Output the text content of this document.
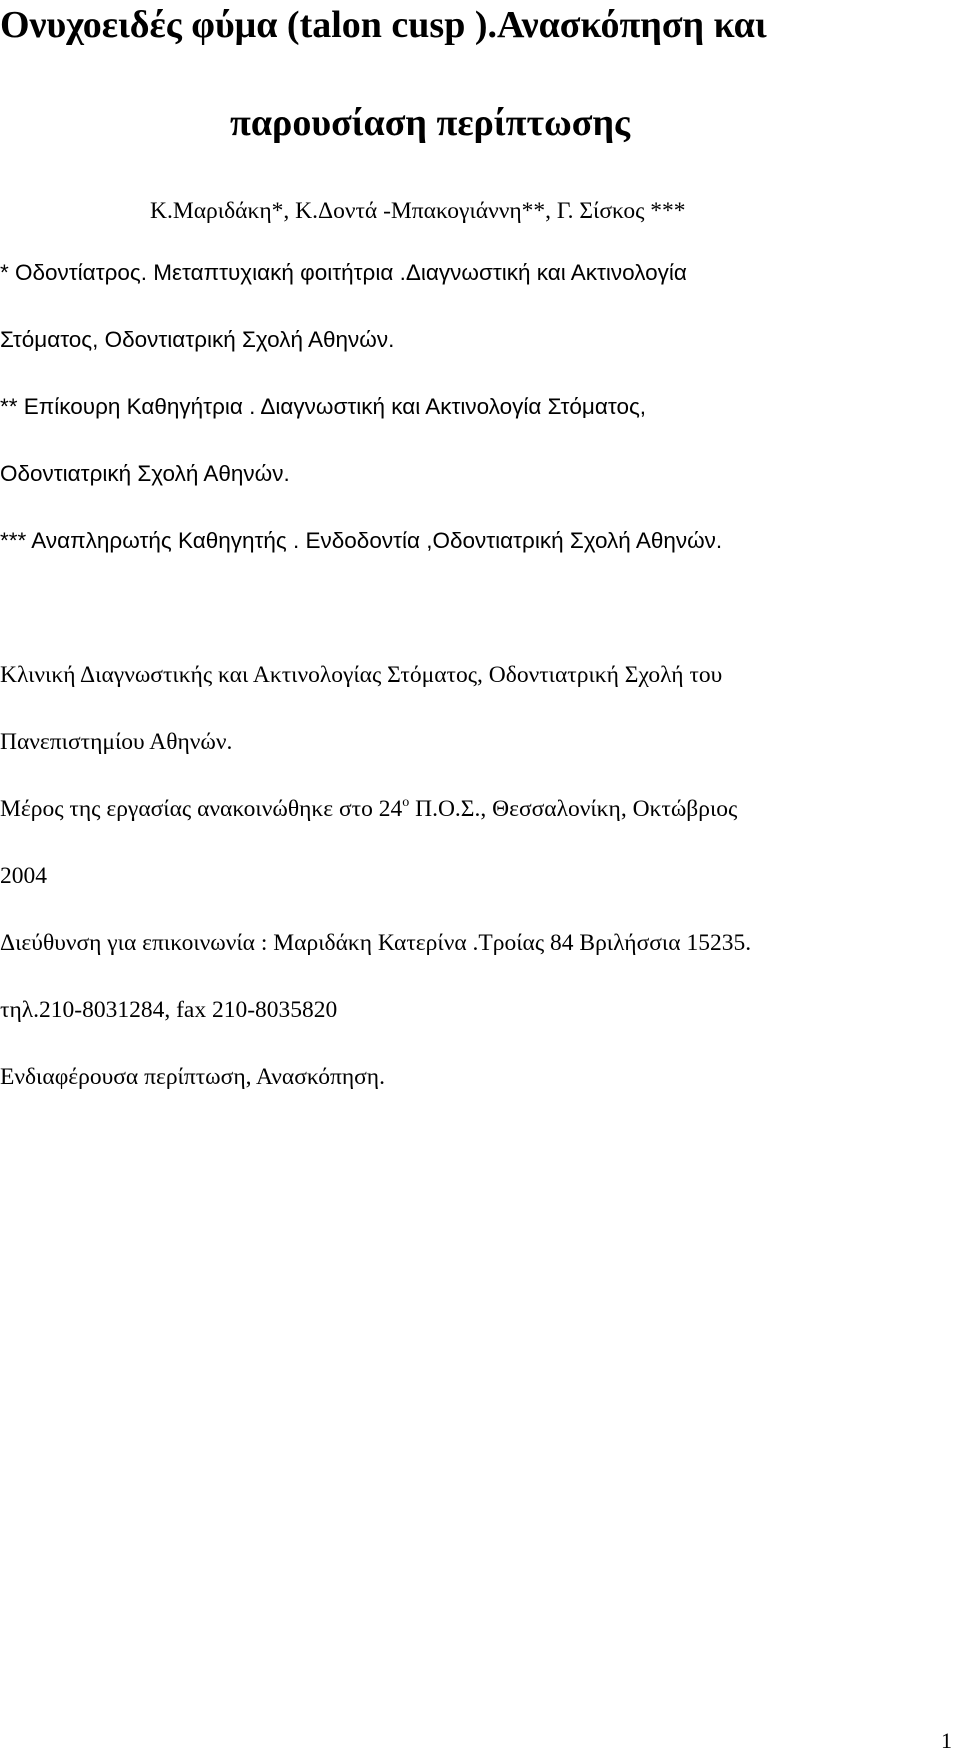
Ονυχοειδές φύμα (talon cusp ).Ανασκόπηση και
παρουσίαση περίπτωσης
Κ.Μαριδάκη*, Κ.Δοντά -Μπακογιάννη**, Γ. Σίσκος ***
* Οδοντίατρος. Μεταπτυχιακή φοιτήτρια .Διαγνωστική και Ακτινολογία
Στόματος, Οδοντιατρική Σχολή Αθηνών.
** Επίκουρη Καθηγήτρια . Διαγνωστική και Ακτινολογία Στόματος,
Οδοντιατρική Σχολή Αθηνών.
*** Αναπληρωτής Καθηγητής . Ενδοδοντία ,Οδοντιατρική Σχολή Αθηνών.
Κλινική Διαγνωστικής και Ακτινολογίας Στόματος, Οδοντιατρική Σχολή του
Πανεπιστημίου Αθηνών.
Μέρος της εργασίας ανακοινώθηκε στο $24^o$ Π.Ο.Σ., Θεσσαλονίκη, Οκτώβριος
2004
Διεύθυνση για επικοινωνία : Μαριδάκη Κατερίνα .Τροίας 84 Βριλήσσια 15235.
τηλ.210-8031284, fax 210-8035820
Ενδιαφέρουσα περίπτωση, Ανασκόπηση.
1
